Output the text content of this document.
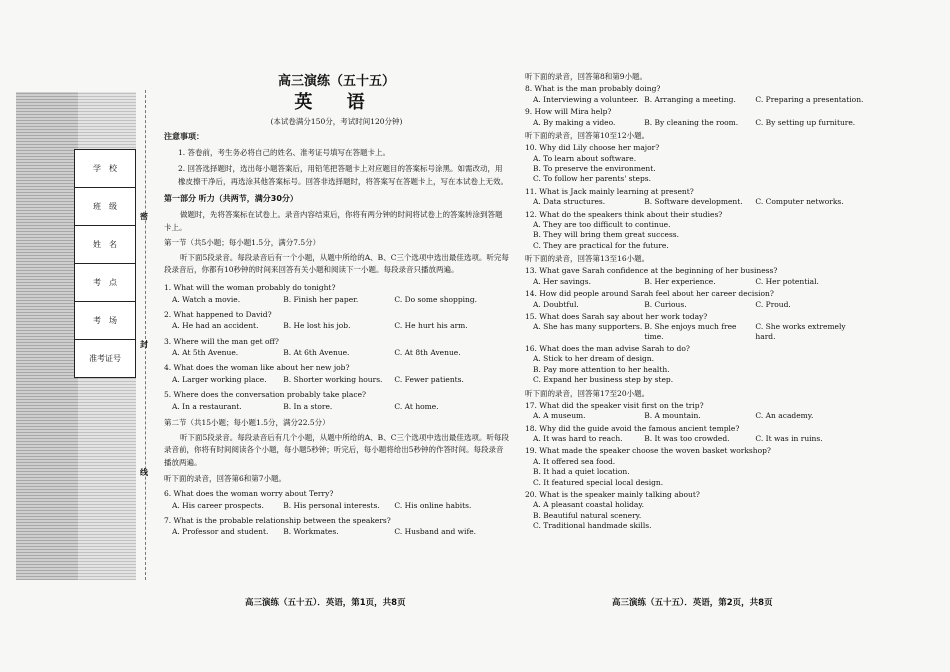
学　校
班　级
姓　名
考　点
考　场
准考证号
密
封
线
高三演练（五十五）
英 语
(本试卷满分150分，考试时间120分钟)
注意事项：
1. 答卷前，考生务必将自己的姓名、准考证号填写在答题卡上。
2. 回答选择题时，选出每小题答案后，用铅笔把答题卡上对应题目的答案标号涂黑。如需改动，用橡皮擦干净后，再选涂其他答案标号。回答非选择题时，将答案写在答题卡上，写在本试卷上无效。
第一部分 听力（共两节，满分30分）
做题时，先将答案标在试卷上。录音内容结束后，你将有两分钟的时间将试卷上的答案转涂到答题卡上。
第一节（共5小题；每小题1.5分，满分7.5分）
听下面5段录音。每段录音后有一个小题，从题中所给的A、B、C三个选项中选出最佳选项。听完每段录音后，你都有10秒钟的时间来回答有关小题和阅读下一小题。每段录音只播放两遍。
1. What will the woman probably do tonight?
A. Watch a movie.	B. Finish her paper.	C. Do some shopping.
2. What happened to David?
A. He had an accident.	B. He lost his job.	C. He hurt his arm.
3. Where will the man get off?
A. At 5th Avenue.	B. At 6th Avenue.	C. At 8th Avenue.
4. What does the woman like about her new job?
A. Larger working place.	B. Shorter working hours.	C. Fewer patients.
5. Where does the conversation probably take place?
A. In a restaurant.	B. In a store.	C. At home.
第二节（共15小题；每小题1.5分，满分22.5分）
听下面5段录音。每段录音后有几个小题，从题中所给的A、B、C三个选项中选出最佳选项。听每段录音前，你将有时间阅读各个小题，每小题5秒钟；听完后，每小题将给出5秒钟的作答时间。每段录音播放两遍。
听下面的录音，回答第6和第7小题。
6. What does the woman worry about Terry?
A. His career prospects.	B. His personal interests.	C. His online habits.
7. What is the probable relationship between the speakers?
A. Professor and student.	B. Workmates.	C. Husband and wife.
听下面的录音，回答第8和第9小题。
8. What is the man probably doing?
A. Interviewing a volunteer. B. Arranging a meeting.	C. Preparing a presentation.
9. How will Mira help?
A. By making a video.	B. By cleaning the room.	C. By setting up furniture.
听下面的录音，回答第10至12小题。
10. Why did Lily choose her major?
A. To learn about software.
B. To preserve the environment.
C. To follow her parents' steps.
11. What is Jack mainly learning at present?
A. Data structures.	B. Software development.	C. Computer networks.
12. What do the speakers think about their studies?
A. They are too difficult to continue.
B. They will bring them great success.
C. They are practical for the future.
听下面的录音，回答第13至16小题。
13. What gave Sarah confidence at the beginning of her business?
A. Her savings.	B. Her experience.	C. Her potential.
14. How did people around Sarah feel about her career decision?
A. Doubtful.	B. Curious.	C. Proud.
15. What does Sarah say about her work today?
A. She has many supporters. B. She enjoys much free time.
C. She works extremely hard.
16. What does the man advise Sarah to do?
A. Stick to her dream of design.
B. Pay more attention to her health.
C. Expand her business step by step.
听下面的录音，回答第17至20小题。
17. What did the speaker visit first on the trip?
A. A museum.	B. A mountain.	C. An academy.
18. Why did the guide avoid the famous ancient temple?
A. It was hard to reach.	B. It was too crowded.	C. It was in ruins.
19. What made the speaker choose the woven basket workshop?
A. It offered sea food.
B. It had a quiet location.
C. It featured special local design.
20. What is the speaker mainly talking about?
A. A pleasant coastal holiday.
B. Beautiful natural scenery.
C. Traditional handmade skills.
高三演练（五十五）．英语，第1页，共8页	高三演练（五十五）．英语，第2页，共8页
